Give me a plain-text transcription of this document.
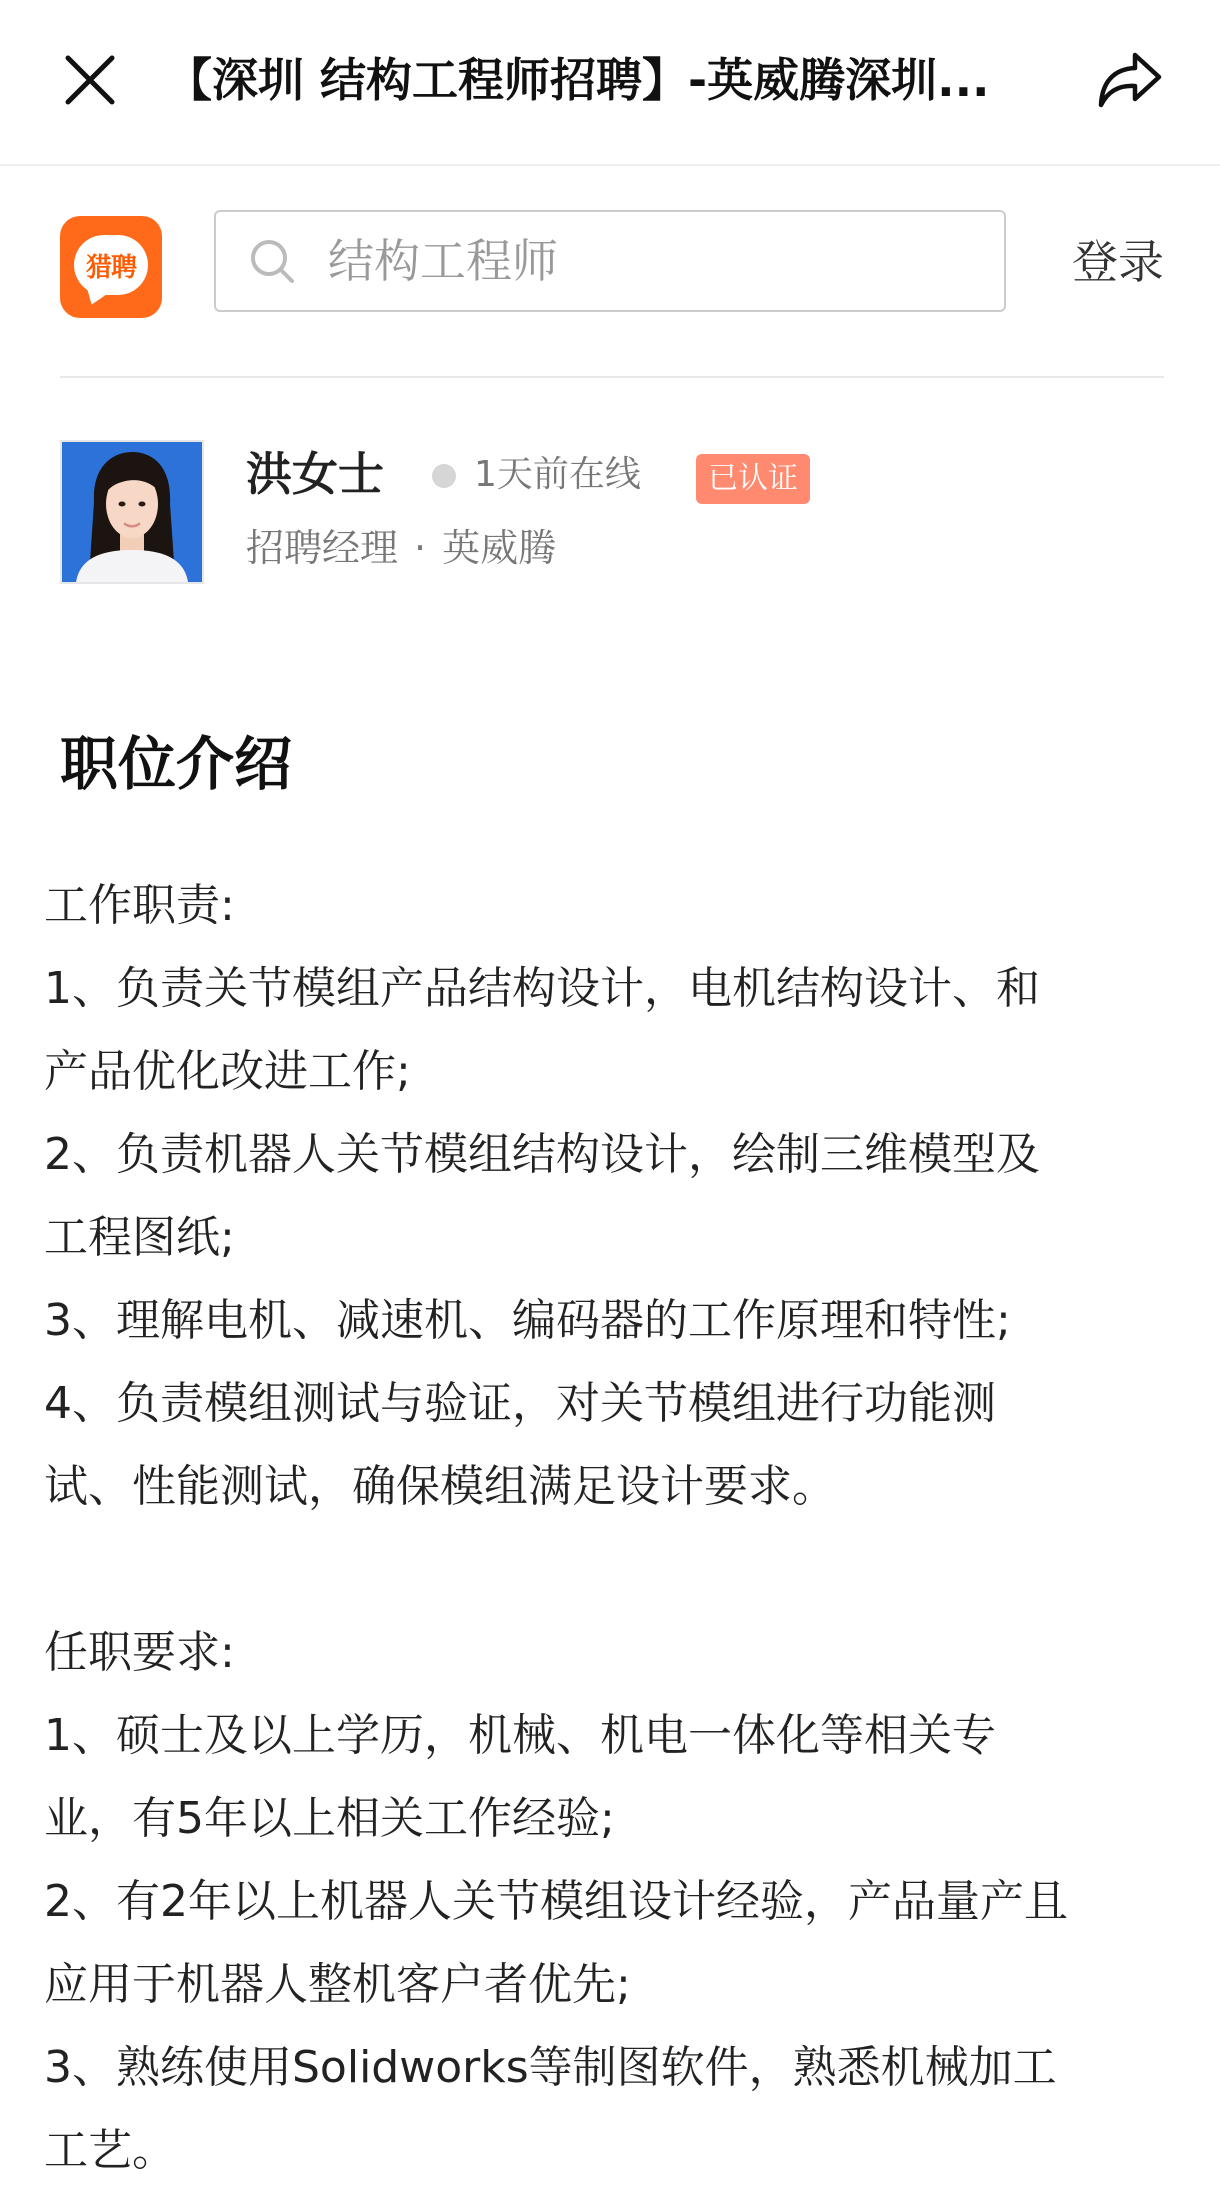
【深圳 结构工程师招聘】-英威腾深圳...
猎聘
结构工程师	登录
洪女士	1天前在线	已认证
招聘经理 · 英威腾
职位介绍
工作职责:
1、负责关节模组产品结构设计，电机结构设计、和
产品优化改进工作;
2、负责机器人关节模组结构设计，绘制三维模型及
工程图纸;
3、理解电机、减速机、编码器的工作原理和特性;
4、负责模组测试与验证，对关节模组进行功能测
试、性能测试，确保模组满足设计要求。
任职要求:
1、硕士及以上学历，机械、机电一体化等相关专
业，有5年以上相关工作经验;
2、有2年以上机器人关节模组设计经验，产品量产且
应用于机器人整机客户者优先;
3、熟练使用Solidworks等制图软件，熟悉机械加工
工艺。
